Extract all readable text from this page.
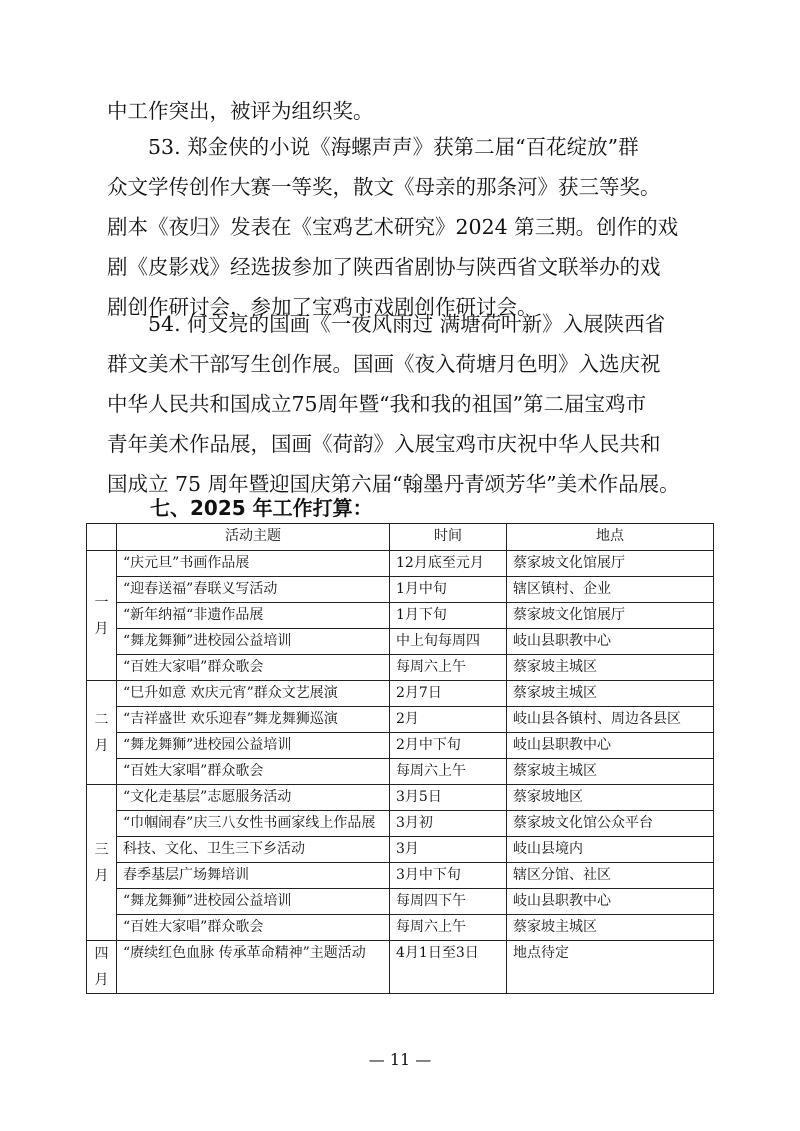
中工作突出，被评为组织奖。
　　53. 郑金侠的小说《海螺声声》获第二届“百花绽放”群
众文学传创作大赛一等奖，散文《母亲的那条河》获三等奖。
剧本《夜归》发表在《宝鸡艺术研究》2024 第三期。创作的戏
剧《皮影戏》经选拔参加了陕西省剧协与陕西省文联举办的戏
剧创作研讨会，参加了宝鸡市戏剧创作研讨会。
　　54. 何文亮的国画《一夜风雨过 满塘荷叶新》入展陕西省
群文美术干部写生创作展。国画《夜入荷塘月色明》入选庆祝
中华人民共和国成立75周年暨“我和我的祖国”第二届宝鸡市
青年美术作品展，国画《荷韵》入展宝鸡市庆祝中华人民共和
国成立 75 周年暨迎国庆第六届“翰墨丹青颂芳华”美术作品展。
七、2025 年工作打算：
	活动主题	时间	地点

一
月	“庆元旦”书画作品展	12月底至元月	蔡家坡文化馆展厅
	“迎春送福”春联义写活动	1月中旬	辖区镇村、企业
	“新年纳福“非遗作品展	1月下旬	蔡家坡文化馆展厅
	“舞龙舞狮”进校园公益培训	中上旬每周四	岐山县职教中心
	“百姓大家唱”群众歌会	每周六上午	蔡家坡主城区

二
月	“巳升如意 欢庆元宵”群众文艺展演	2月7日	蔡家坡主城区
	“吉祥盛世 欢乐迎春”舞龙舞狮巡演	2月	岐山县各镇村、周边各县区
	“舞龙舞狮”进校园公益培训	2月中下旬	岐山县职教中心
	“百姓大家唱”群众歌会	每周六上午	蔡家坡主城区

三
月	“文化走基层”志愿服务活动	3月5日	蔡家坡地区
	“巾帼闹春”庆三八女性书画家线上作品展	3月初	蔡家坡文化馆公众平台
	科技、文化、卫生三下乡活动	3月	岐山县境内
	春季基层广场舞培训	3月中下旬	辖区分馆、社区
	“舞龙舞狮”进校园公益培训	每周四下午	岐山县职教中心
	“百姓大家唱”群众歌会	每周六上午	蔡家坡主城区

四
月	“赓续红色血脉 传承革命精神”主题活动	4月1日至3日	地点待定
— 11 —
